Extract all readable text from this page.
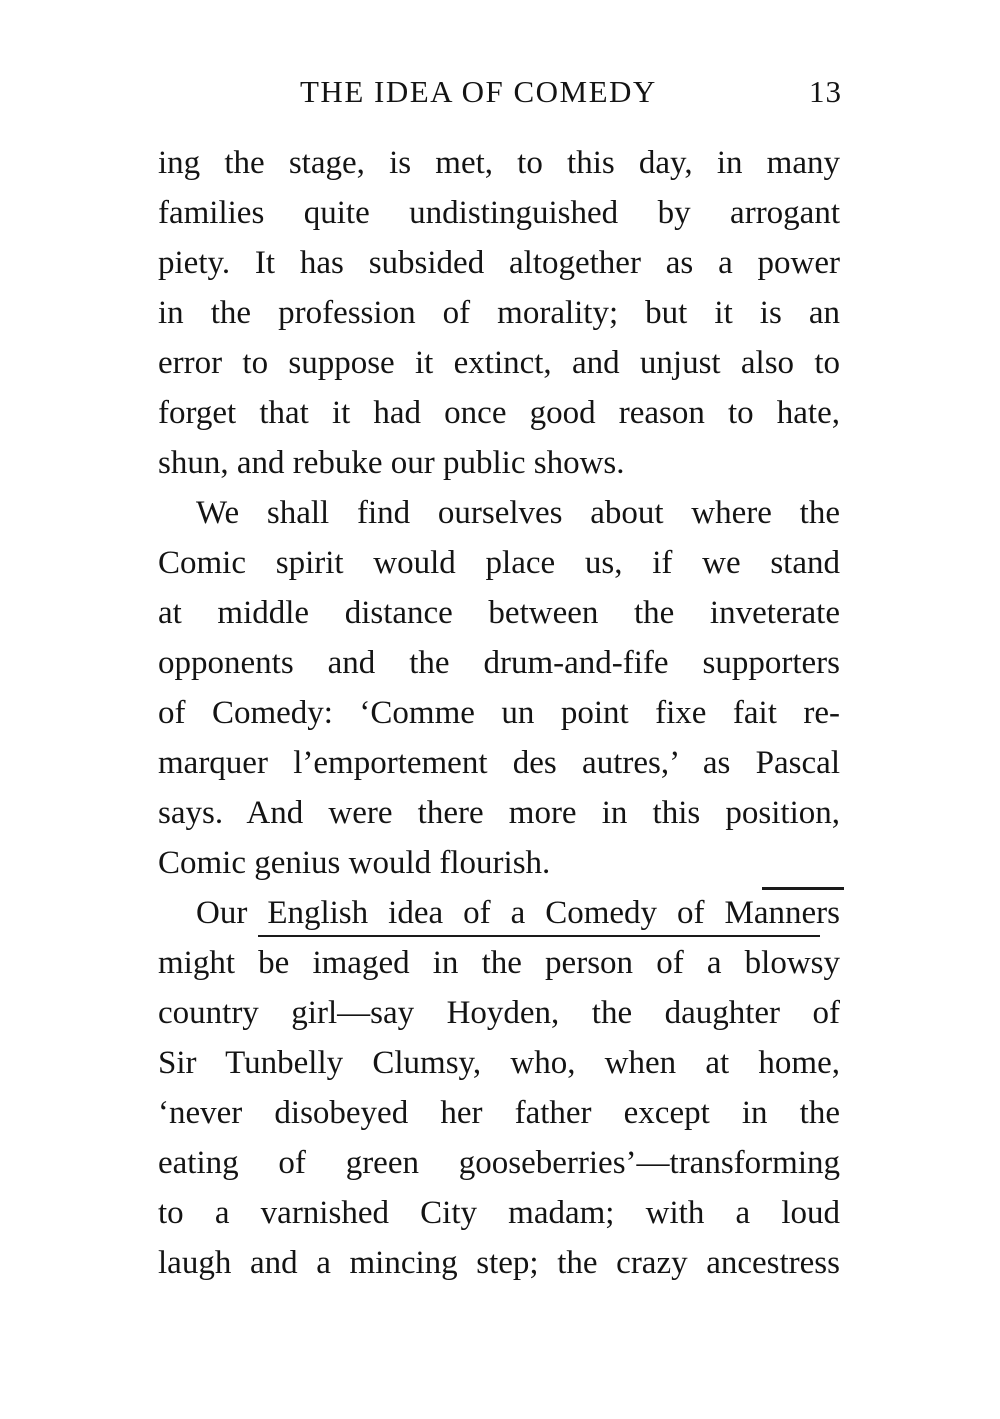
THE IDEA OF COMEDY	13
ing the stage, is met, to this day, in many
families quite undistinguished by arrogant
piety. It has subsided altogether as a power
in the profession of morality; but it is an
error to suppose it extinct, and unjust also to
forget that it had once good reason to hate,
shun, and rebuke our public shows.
We shall find ourselves about where the
Comic spirit would place us, if we stand
at middle distance between the inveterate
opponents and the drum-and-fife supporters
of Comedy: ‘Comme un point fixe fait re-
marquer l’emportement des autres,’ as Pascal
says. And were there more in this position,
Comic genius would flourish.
Our English idea of a Comedy of Manners
might be imaged in the person of a blowsy
country girl—say Hoyden, the daughter of
Sir Tunbelly Clumsy, who, when at home,
‘never disobeyed her father except in the
eating of green gooseberries’—transforming
to a varnished City madam; with a loud
laugh and a mincing step; the crazy ancestress
